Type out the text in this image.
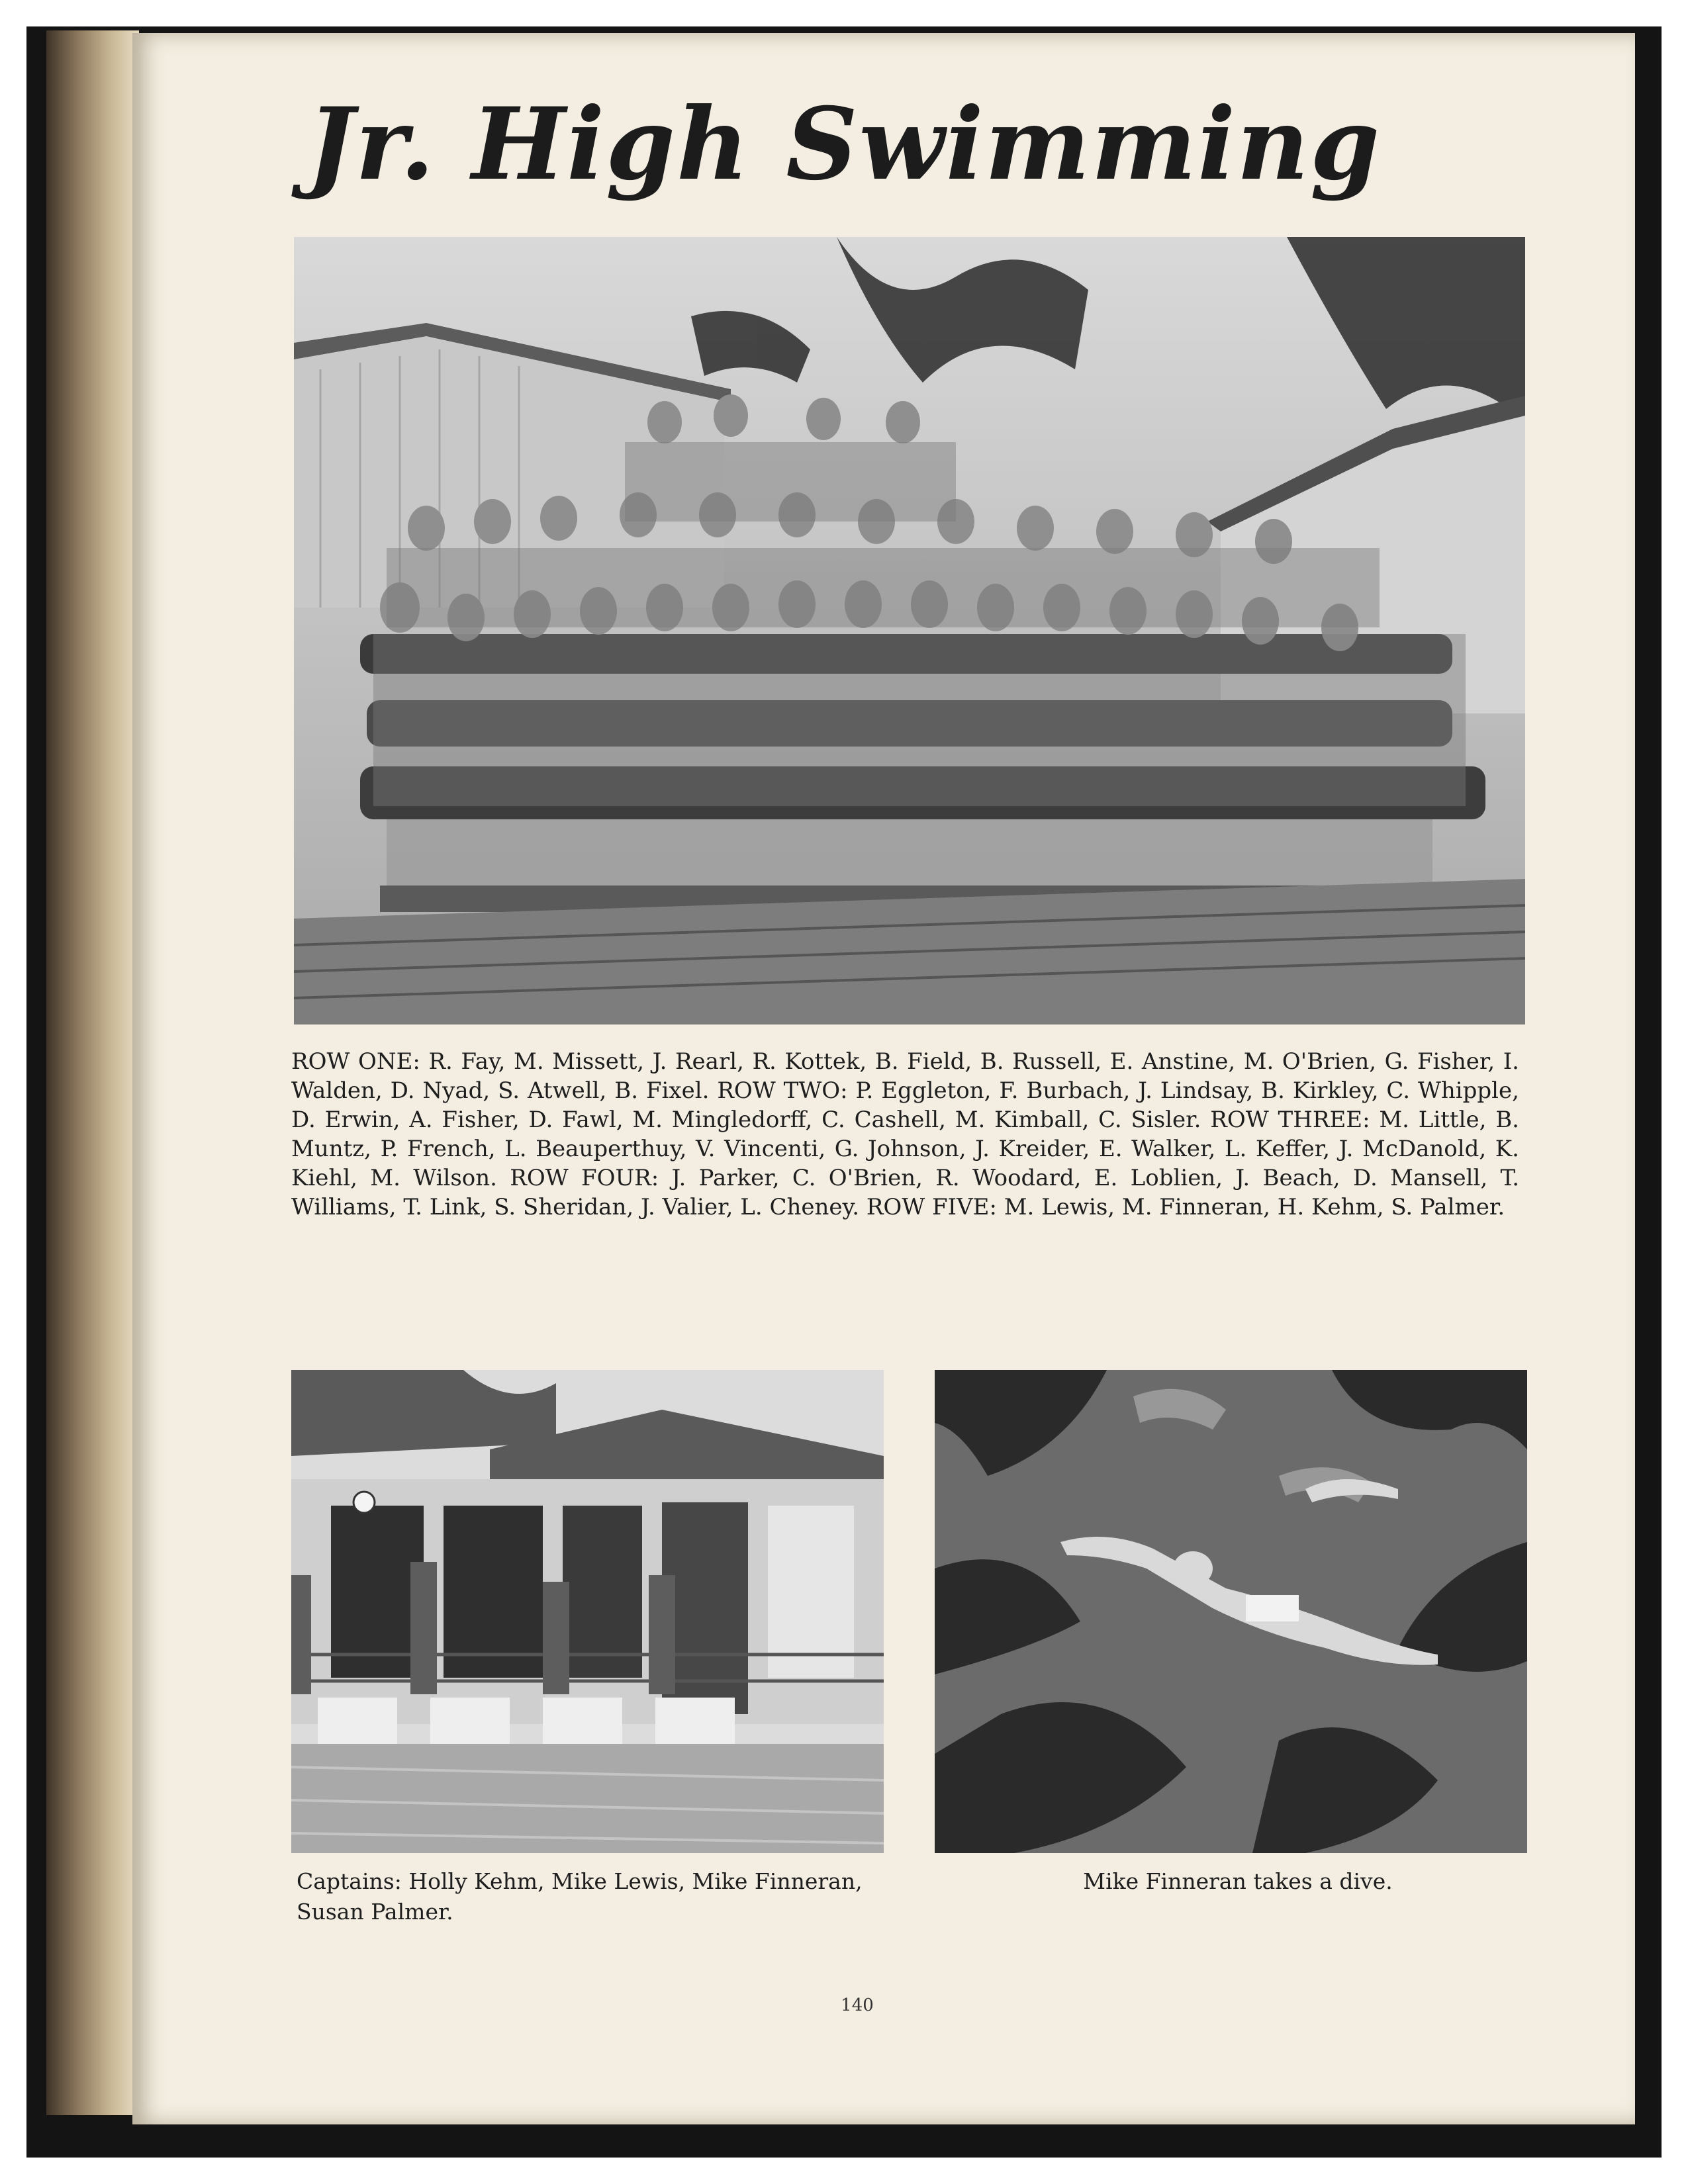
Jr. High Swimming

ROW ONE: R. Fay, M. Missett, J. Rearl, R. Kottek, B. Field, B. Russell, E. Anstine, M. O'Brien, G. Fisher, I. Walden, D. Nyad, S. Atwell, B. Fixel. ROW TWO: P. Eggleton, F. Burbach, J. Lindsay, B. Kirkley, C. Whipple, D. Erwin, A. Fisher, D. Fawl, M. Mingledorff, C. Cashell, M. Kimball, C. Sisler. ROW THREE: M. Little, B. Muntz, P. French, L. Beauperthuy, V. Vincenti, G. Johnson, J. Kreider, E. Walker, L. Keffer, J. McDanold, K. Kiehl, M. Wilson. ROW FOUR: J. Parker, C. O'Brien, R. Woodard, E. Loblien, J. Beach, D. Mansell, T. Williams, T. Link, S. Sheridan, J. Valier, L. Cheney. ROW FIVE: M. Lewis, M. Finneran, H. Kehm, S. Palmer.

Captains: Holly Kehm, Mike Lewis, Mike Finneran, Susan Palmer.

Mike Finneran takes a dive.

140
